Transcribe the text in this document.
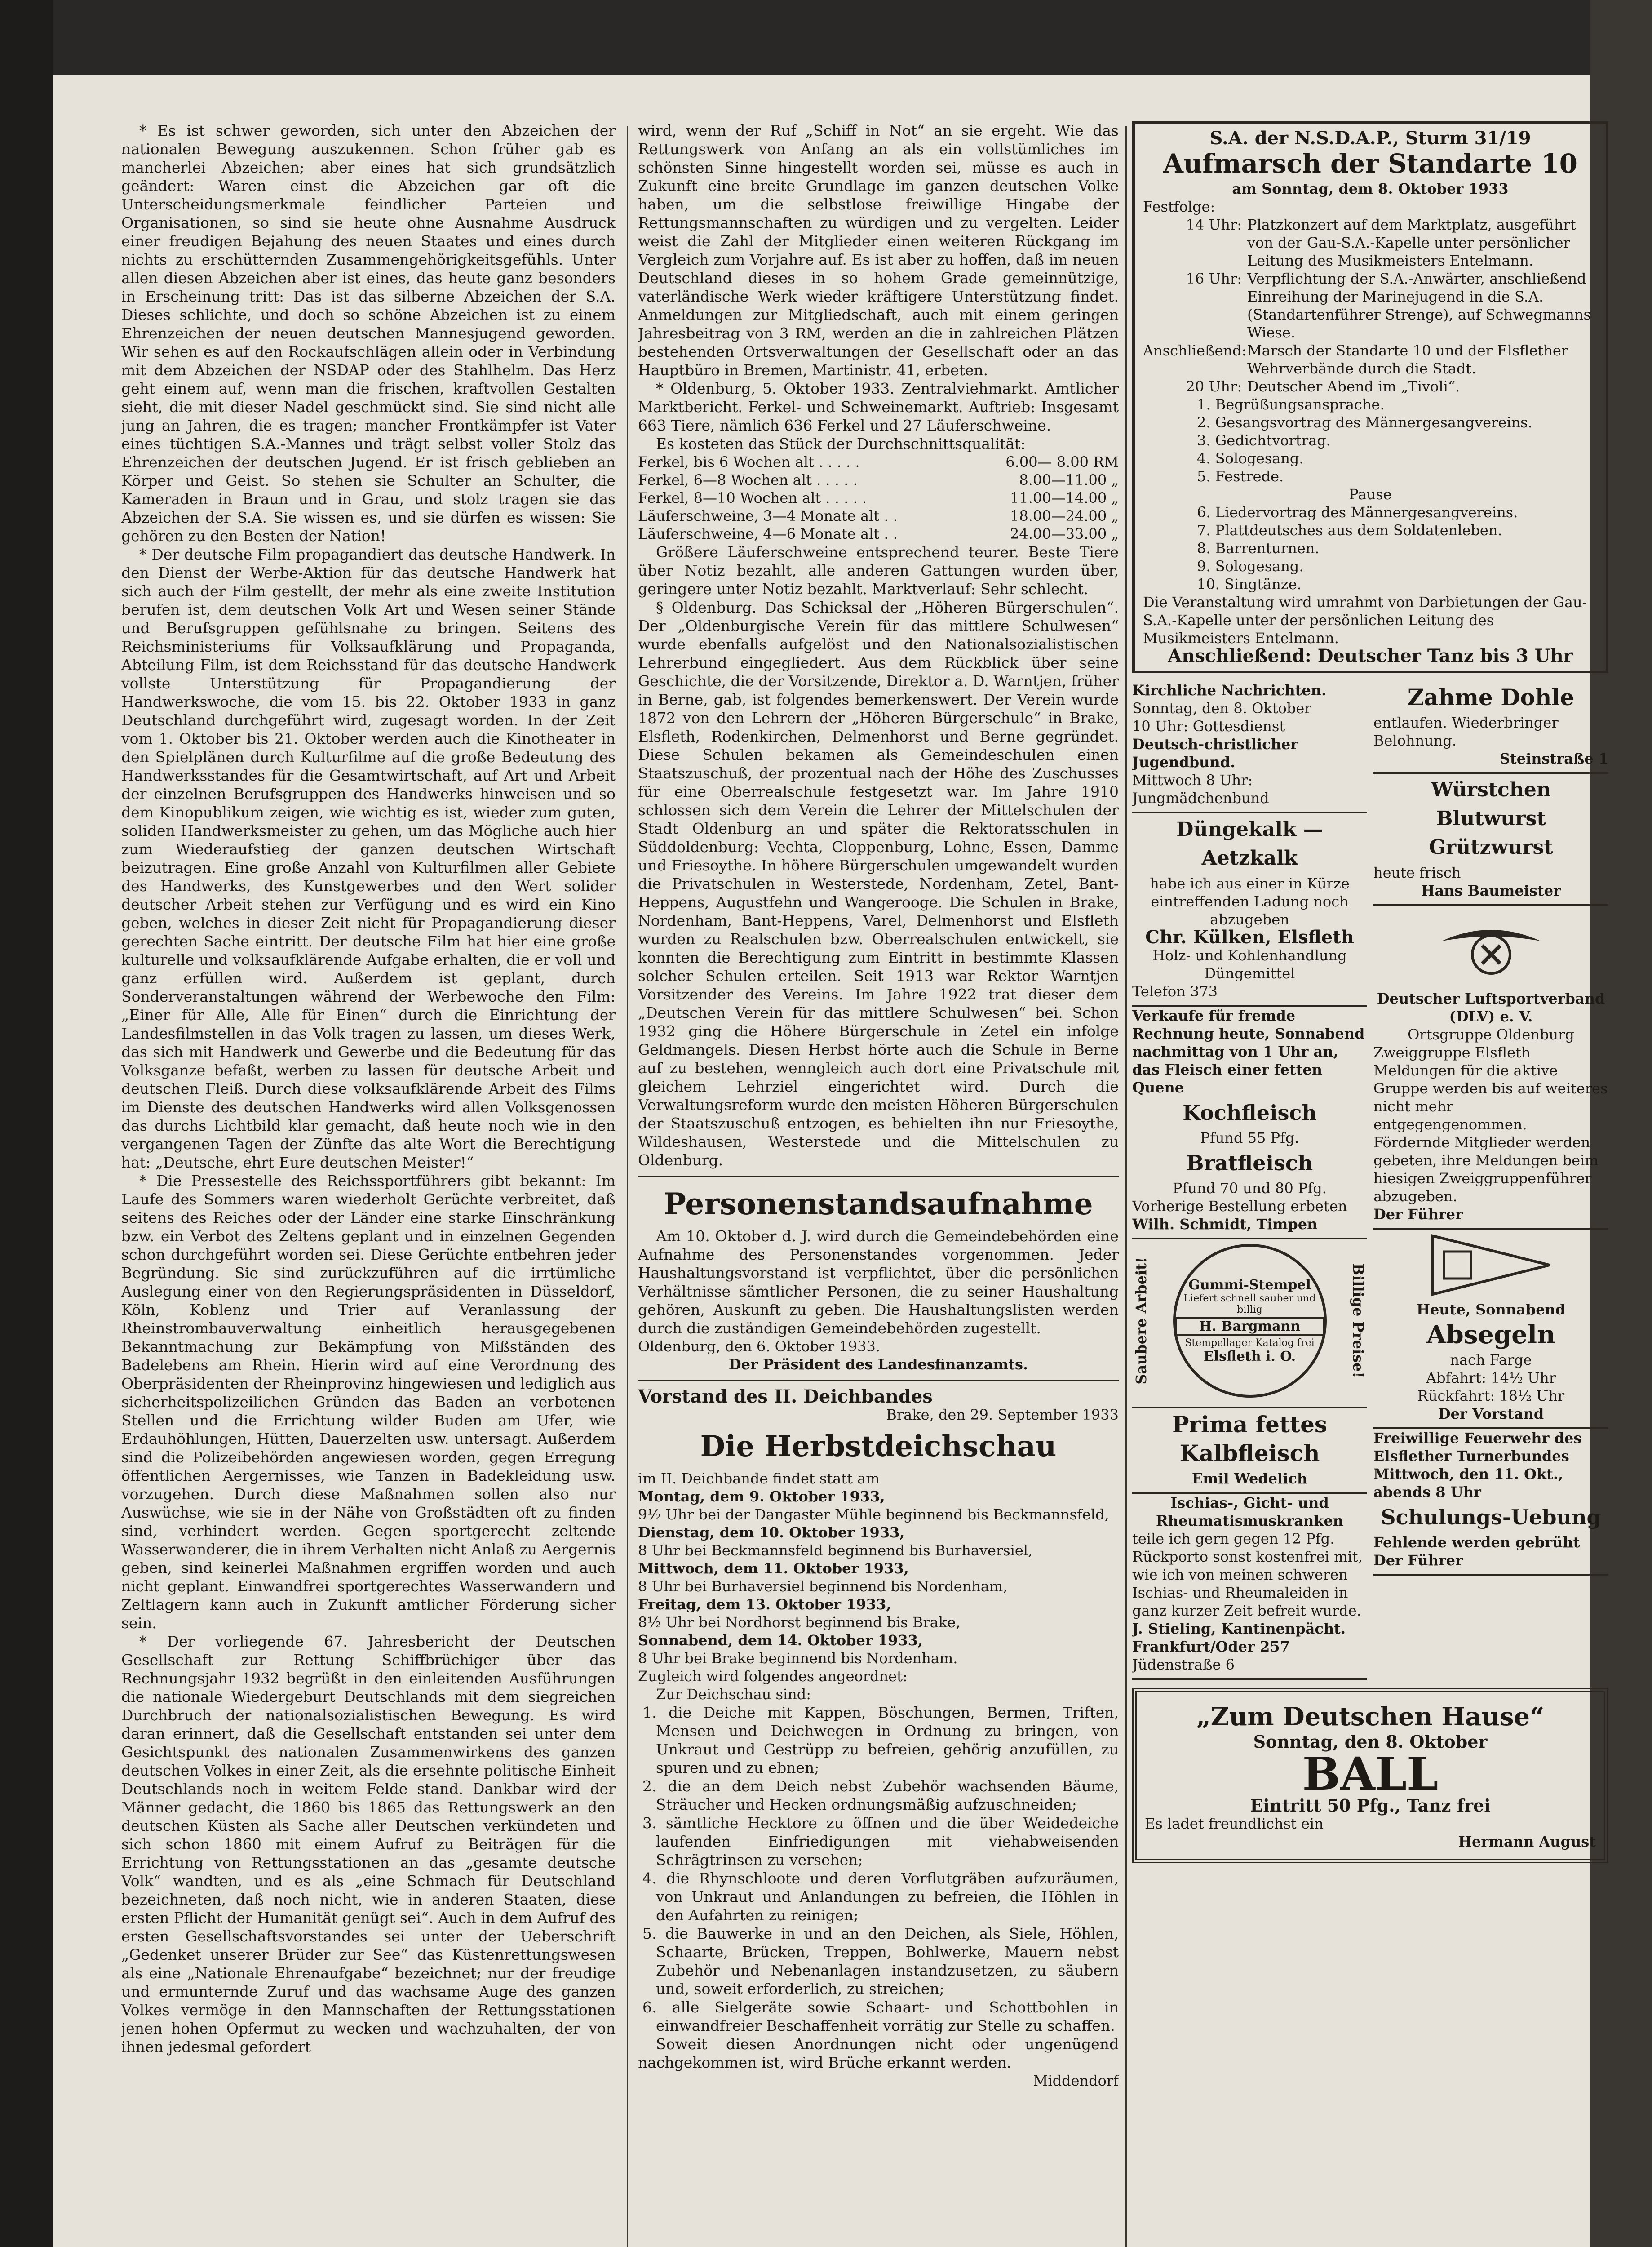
* Es ist schwer geworden, sich unter den Abzeichen der nationalen Bewegung auszukennen. Schon früher gab es mancherlei Abzeichen; aber eines hat sich grundsätzlich geändert: Waren einst die Abzeichen gar oft die Unterscheidungsmerkmale feindlicher Parteien und Organisationen, so sind sie heute ohne Ausnahme Ausdruck einer freudigen Bejahung des neuen Staates und eines durch nichts zu erschütternden Zusammengehörigkeitsgefühls. Unter allen diesen Abzeichen aber ist eines, das heute ganz besonders in Erscheinung tritt: Das ist das silberne Abzeichen der S.A. Dieses schlichte, und doch so schöne Abzeichen ist zu einem Ehrenzeichen der neuen deutschen Mannesjugend geworden. Wir sehen es auf den Rockaufschlägen allein oder in Verbindung mit dem Abzeichen der NSDAP oder des Stahlhelm. Das Herz geht einem auf, wenn man die frischen, kraftvollen Gestalten sieht, die mit dieser Nadel geschmückt sind. Sie sind nicht alle jung an Jahren, die es tragen; mancher Frontkämpfer ist Vater eines tüchtigen S.A.-Mannes und trägt selbst voller Stolz das Ehrenzeichen der deutschen Jugend. Er ist frisch geblieben an Körper und Geist. So stehen sie Schulter an Schulter, die Kameraden in Braun und in Grau, und stolz tragen sie das Abzeichen der S.A. Sie wissen es, und sie dürfen es wissen: Sie gehören zu den Besten der Nation!

* Der deutsche Film propagandiert das deutsche Handwerk. In den Dienst der Werbe-Aktion für das deutsche Handwerk hat sich auch der Film gestellt, der mehr als eine zweite Institution berufen ist, dem deutschen Volk Art und Wesen seiner Stände und Berufsgruppen gefühlsnahe zu bringen. Seitens des Reichsministeriums für Volksaufklärung und Propaganda, Abteilung Film, ist dem Reichsstand für das deutsche Handwerk vollste Unterstützung für Propagandierung der Handwerkswoche, die vom 15. bis 22. Oktober 1933 in ganz Deutschland durchgeführt wird, zugesagt worden. In der Zeit vom 1. Oktober bis 21. Oktober werden auch die Kinotheater in den Spielplänen durch Kulturfilme auf die große Bedeutung des Handwerksstandes für die Gesamtwirtschaft, auf Art und Arbeit der einzelnen Berufsgruppen des Handwerks hinweisen und so dem Kinopublikum zeigen, wie wichtig es ist, wieder zum guten, soliden Handwerksmeister zu gehen, um das Mögliche auch hier zum Wiederaufstieg der ganzen deutschen Wirtschaft beizutragen. Eine große Anzahl von Kulturfilmen aller Gebiete des Handwerks, des Kunstgewerbes und den Wert solider deutscher Arbeit stehen zur Verfügung und es wird ein Kino geben, welches in dieser Zeit nicht für Propagandierung dieser gerechten Sache eintritt. Der deutsche Film hat hier eine große kulturelle und volksaufklärende Aufgabe erhalten, die er voll und ganz erfüllen wird. Außerdem ist geplant, durch Sonderveranstaltungen während der Werbewoche den Film: „Einer für Alle, Alle für Einen“ durch die Einrichtung der Landesfilmstellen in das Volk tragen zu lassen, um dieses Werk, das sich mit Handwerk und Gewerbe und die Bedeutung für das Volksganze befaßt, werben zu lassen für deutsche Arbeit und deutschen Fleiß. Durch diese volksaufklärende Arbeit des Films im Dienste des deutschen Handwerks wird allen Volksgenossen das durchs Lichtbild klar gemacht, daß heute noch wie in den vergangenen Tagen der Zünfte das alte Wort die Berechtigung hat: „Deutsche, ehrt Eure deutschen Meister!“

* Die Pressestelle des Reichssportführers gibt bekannt: Im Laufe des Sommers waren wiederholt Gerüchte verbreitet, daß seitens des Reiches oder der Länder eine starke Einschränkung bzw. ein Verbot des Zeltens geplant und in einzelnen Gegenden schon durchgeführt worden sei. Diese Gerüchte entbehren jeder Begründung. Sie sind zurückzuführen auf die irrtümliche Auslegung einer von den Regierungspräsidenten in Düsseldorf, Köln, Koblenz und Trier auf Veranlassung der Rheinstrombauverwaltung einheitlich herausgegebenen Bekanntmachung zur Bekämpfung von Mißständen des Badelebens am Rhein. Hierin wird auf eine Verordnung des Oberpräsidenten der Rheinprovinz hingewiesen und lediglich aus sicherheitspolizeilichen Gründen das Baden an verbotenen Stellen und die Errichtung wilder Buden am Ufer, wie Erdauhöhlungen, Hütten, Dauerzelten usw. untersagt. Außerdem sind die Polizeibehörden angewiesen worden, gegen Erregung öffentlichen Aergernisses, wie Tanzen in Badekleidung usw. vorzugehen. Durch diese Maßnahmen sollen also nur Auswüchse, wie sie in der Nähe von Großstädten oft zu finden sind, verhindert werden. Gegen sportgerecht zeltende Wasserwanderer, die in ihrem Verhalten nicht Anlaß zu Aergernis geben, sind keinerlei Maßnahmen ergriffen worden und auch nicht geplant. Einwandfrei sportgerechtes Wasserwandern und Zeltlagern kann auch in Zukunft amtlicher Förderung sicher sein.

* Der vorliegende 67. Jahresbericht der Deutschen Gesellschaft zur Rettung Schiffbrüchiger über das Rechnungsjahr 1932 begrüßt in den einleitenden Ausführungen die nationale Wiedergeburt Deutschlands mit dem siegreichen Durchbruch der nationalsozialistischen Bewegung. Es wird daran erinnert, daß die Gesellschaft entstanden sei unter dem Gesichtspunkt des nationalen Zusammenwirkens des ganzen deutschen Volkes in einer Zeit, als die ersehnte politische Einheit Deutschlands noch in weitem Felde stand. Dankbar wird der Männer gedacht, die 1860 bis 1865 das Rettungswerk an den deutschen Küsten als Sache aller Deutschen verkündeten und sich schon 1860 mit einem Aufruf zu Beiträgen für die Errichtung von Rettungsstationen an das „gesamte deutsche Volk“ wandten, und es als „eine Schmach für Deutschland bezeichneten, daß noch nicht, wie in anderen Staaten, diese ersten Pflicht der Humanität genügt sei“. Auch in dem Aufruf des ersten Gesellschaftsvorstandes sei unter der Ueberschrift „Gedenket unserer Brüder zur See“ das Küstenrettungswesen als eine „Nationale Ehrenaufgabe“ bezeichnet; nur der freudige und ermunternde Zuruf und das wachsame Auge des ganzen Volkes vermöge in den Mannschaften der Rettungsstationen jenen hohen Opfermut zu wecken und wachzuhalten, der von ihnen jedesmal gefordert

wird, wenn der Ruf „Schiff in Not“ an sie ergeht. Wie das Rettungswerk von Anfang an als ein vollstümliches im schönsten Sinne hingestellt worden sei, müsse es auch in Zukunft eine breite Grundlage im ganzen deutschen Volke haben, um die selbstlose freiwillige Hingabe der Rettungsmannschaften zu würdigen und zu vergelten. Leider weist die Zahl der Mitglieder einen weiteren Rückgang im Vergleich zum Vorjahre auf. Es ist aber zu hoffen, daß im neuen Deutschland dieses in so hohem Grade gemeinnützige, vaterländische Werk wieder kräftigere Unterstützung findet. Anmeldungen zur Mitgliedschaft, auch mit einem geringen Jahresbeitrag von 3 RM, werden an die in zahlreichen Plätzen bestehenden Ortsverwaltungen der Gesellschaft oder an das Hauptbüro in Bremen, Martinistr. 41, erbeten.

* Oldenburg, 5. Oktober 1933. Zentralviehmarkt. Amtlicher Marktbericht. Ferkel- und Schweinemarkt. Auftrieb: Insgesamt 663 Tiere, nämlich 636 Ferkel und 27 Läuferschweine.

Es kosteten das Stück der Durchschnittsqualität:

Ferkel, bis 6 Wochen alt . . . . .	6.00— 8.00 RM
Ferkel, 6—8 Wochen alt . . . . .	8.00—11.00 „
Ferkel, 8—10 Wochen alt . . . . .	11.00—14.00 „
Läuferschweine, 3—4 Monate alt . .	18.00—24.00 „
Läuferschweine, 4—6 Monate alt . .	24.00—33.00 „

Größere Läuferschweine entsprechend teurer. Beste Tiere über Notiz bezahlt, alle anderen Gattungen wurden über, geringere unter Notiz bezahlt. Marktverlauf: Sehr schlecht.

§ Oldenburg. Das Schicksal der „Höheren Bürgerschulen“. Der „Oldenburgische Verein für das mittlere Schulwesen“ wurde ebenfalls aufgelöst und den Nationalsozialistischen Lehrerbund eingegliedert. Aus dem Rückblick über seine Geschichte, die der Vorsitzende, Direktor a. D. Warntjen, früher in Berne, gab, ist folgendes bemerkenswert. Der Verein wurde 1872 von den Lehrern der „Höheren Bürgerschule“ in Brake, Elsfleth, Rodenkirchen, Delmenhorst und Berne gegründet. Diese Schulen bekamen als Gemeindeschulen einen Staatszuschuß, der prozentual nach der Höhe des Zuschusses für eine Oberrealschule festgesetzt war. Im Jahre 1910 schlossen sich dem Verein die Lehrer der Mittelschulen der Stadt Oldenburg an und später die Rektoratsschulen in Süddoldenburg: Vechta, Cloppenburg, Lohne, Essen, Damme und Friesoythe. In höhere Bürgerschulen umgewandelt wurden die Privatschulen in Westerstede, Nordenham, Zetel, Bant-Heppens, Augustfehn und Wangerooge. Die Schulen in Brake, Nordenham, Bant-Heppens, Varel, Delmenhorst und Elsfleth wurden zu Realschulen bzw. Oberrealschulen entwickelt, sie konnten die Berechtigung zum Eintritt in bestimmte Klassen solcher Schulen erteilen. Seit 1913 war Rektor Warntjen Vorsitzender des Vereins. Im Jahre 1922 trat dieser dem „Deutschen Verein für das mittlere Schulwesen“ bei. Schon 1932 ging die Höhere Bürgerschule in Zetel ein infolge Geldmangels. Diesen Herbst hörte auch die Schule in Berne auf zu bestehen, wenngleich auch dort eine Privatschule mit gleichem Lehrziel eingerichtet wird. Durch die Verwaltungsreform wurde den meisten Höheren Bürgerschulen der Staatszuschuß entzogen, es behielten ihn nur Friesoythe, Wildeshausen, Westerstede und die Mittelschulen zu Oldenburg.

Personenstandsaufnahme

Am 10. Oktober d. J. wird durch die Gemeindebehörden eine Aufnahme des Personenstandes vorgenommen. Jeder Haushaltungsvorstand ist verpflichtet, über die persönlichen Verhältnisse sämtlicher Personen, die zu seiner Haushaltung gehören, Auskunft zu geben. Die Haushaltungslisten werden durch die zuständigen Gemeindebehörden zugestellt.

Oldenburg, den 6. Oktober 1933.

Der Präsident des Landesfinanzamts.

Vorstand des II. Deichbandes

Brake, den 29. September 1933

Die Herbstdeichschau

im II. Deichbande findet statt am

Montag, dem 9. Oktober 1933,

9½ Uhr bei der Dangaster Mühle beginnend bis Beckmannsfeld,

Dienstag, dem 10. Oktober 1933,

8 Uhr bei Beckmannsfeld beginnend bis Burhaversiel,

Mittwoch, dem 11. Oktober 1933,

8 Uhr bei Burhaversiel beginnend bis Nordenham,

Freitag, dem 13. Oktober 1933,

8½ Uhr bei Nordhorst beginnend bis Brake,

Sonnabend, dem 14. Oktober 1933,

8 Uhr bei Brake beginnend bis Nordenham.

Zugleich wird folgendes angeordnet:

Zur Deichschau sind:

1. die Deiche mit Kappen, Böschungen, Bermen, Triften, Mensen und Deichwegen in Ordnung zu bringen, von Unkraut und Gestrüpp zu befreien, gehörig anzufüllen, zu spuren und zu ebnen;

2. die an dem Deich nebst Zubehör wachsenden Bäume, Sträucher und Hecken ordnungsmäßig aufzuschneiden;

3. sämtliche Hecktore zu öffnen und die über Weidedeiche laufenden Einfriedigungen mit viehabweisenden Schrägtrinsen zu versehen;

4. die Rhynschloote und deren Vorflutgräben aufzuräumen, von Unkraut und Anlandungen zu befreien, die Höhlen in den Aufahrten zu reinigen;

5. die Bauwerke in und an den Deichen, als Siele, Höhlen, Schaarte, Brücken, Treppen, Bohlwerke, Mauern nebst Zubehör und Nebenanlagen instandzusetzen, zu säubern und, soweit erforderlich, zu streichen;

6. alle Sielgeräte sowie Schaart- und Schottbohlen in einwandfreier Beschaffenheit vorrätig zur Stelle zu schaffen.

Soweit diesen Anordnungen nicht oder ungenügend nachgekommen ist, wird Brüche erkannt werden.

Middendorf

S.A. der N.S.D.A.P., Sturm 31/19

Aufmarsch der Standarte 10

am Sonntag, dem 8. Oktober 1933

Festfolge:

14 Uhr: Platzkonzert auf dem Marktplatz, ausgeführt von der Gau-S.A.-Kapelle unter persönlicher Leitung des Musikmeisters Entelmann.
16 Uhr: Verpflichtung der S.A.-Anwärter, anschließend Einreihung der Marinejugend in die S.A. (Standartenführer Strenge), auf Schwegmanns Wiese.
Anschließend: Marsch der Standarte 10 und der Elsflether Wehrverbände durch die Stadt.
20 Uhr: Deutscher Abend im „Tivoli“.

1. Begrüßungsansprache.

2. Gesangsvortrag des Männergesangvereins.

3. Gedichtvortrag.

4. Sologesang.

5. Festrede.

Pause

6. Liedervortrag des Männergesangvereins.

7. Plattdeutsches aus dem Soldatenleben.

8. Barrenturnen.

9. Sologesang.

10. Singtänze.

Die Veranstaltung wird umrahmt von Darbietungen der Gau-S.A.-Kapelle unter der persönlichen Leitung des Musikmeisters Entelmann.

Anschließend: Deutscher Tanz bis 3 Uhr

Kirchliche Nachrichten.

Sonntag, den 8. Oktober

10 Uhr: Gottesdienst

Deutsch-christlicher Jugendbund.

Mittwoch 8 Uhr: Jungmädchenbund

Düngekalk — Aetzkalk

habe ich aus einer in Kürze eintreffenden Ladung noch abzugeben

Chr. Külken, Elsfleth

Holz- und Kohlenhandlung Düngemittel

Telefon 373

Verkaufe für fremde Rechnung heute, Sonnabend nachmittag von 1 Uhr an, das Fleisch einer fetten Quene

Kochfleisch

Pfund 55 Pfg.

Bratfleisch

Pfund 70 und 80 Pfg.

Vorherige Bestellung erbeten

Wilh. Schmidt, Timpen

Saubere Arbeit!	Gummi-Stempel
Liefert schnell sauber und billig
H. Bargmann
Stempellager Katalog frei
Elsfleth i. O.	Billige Preise!

Prima fettes Kalbfleisch

Emil Wedelich

Ischias-, Gicht- und Rheumatismuskranken

teile ich gern gegen 12 Pfg. Rückporto sonst kostenfrei mit, wie ich von meinen schweren Ischias- und Rheumaleiden in ganz kurzer Zeit befreit wurde.

J. Stieling, Kantinenpächt.

Frankfurt/Oder 257

Jüdenstraße 6

Zahme Dohle

entlaufen. Wiederbringer Belohnung.

Steinstraße 1

Würstchen Blutwurst Grützwurst

heute frisch

Hans Baumeister

Deutscher Luftsportverband (DLV) e. V.

Ortsgruppe Oldenburg

Zweiggruppe Elsfleth

Meldungen für die aktive Gruppe werden bis auf weiteres nicht mehr entgegengenommen.

Fördernde Mitglieder werden gebeten, ihre Meldungen beim hiesigen Zweiggruppenführer abzugeben.

Der Führer

Heute, Sonnabend

Absegeln

nach Farge

Abfahrt: 14½ Uhr

Rückfahrt: 18½ Uhr

Der Vorstand

Freiwillige Feuerwehr des Elsflether Turnerbundes

Mittwoch, den 11. Okt., abends 8 Uhr

Schulungs-Uebung

Fehlende werden gebrüht

Der Führer

„Zum Deutschen Hause“

Sonntag, den 8. Oktober

BALL

Eintritt 50 Pfg., Tanz frei

Es ladet freundlichst ein

Hermann August
